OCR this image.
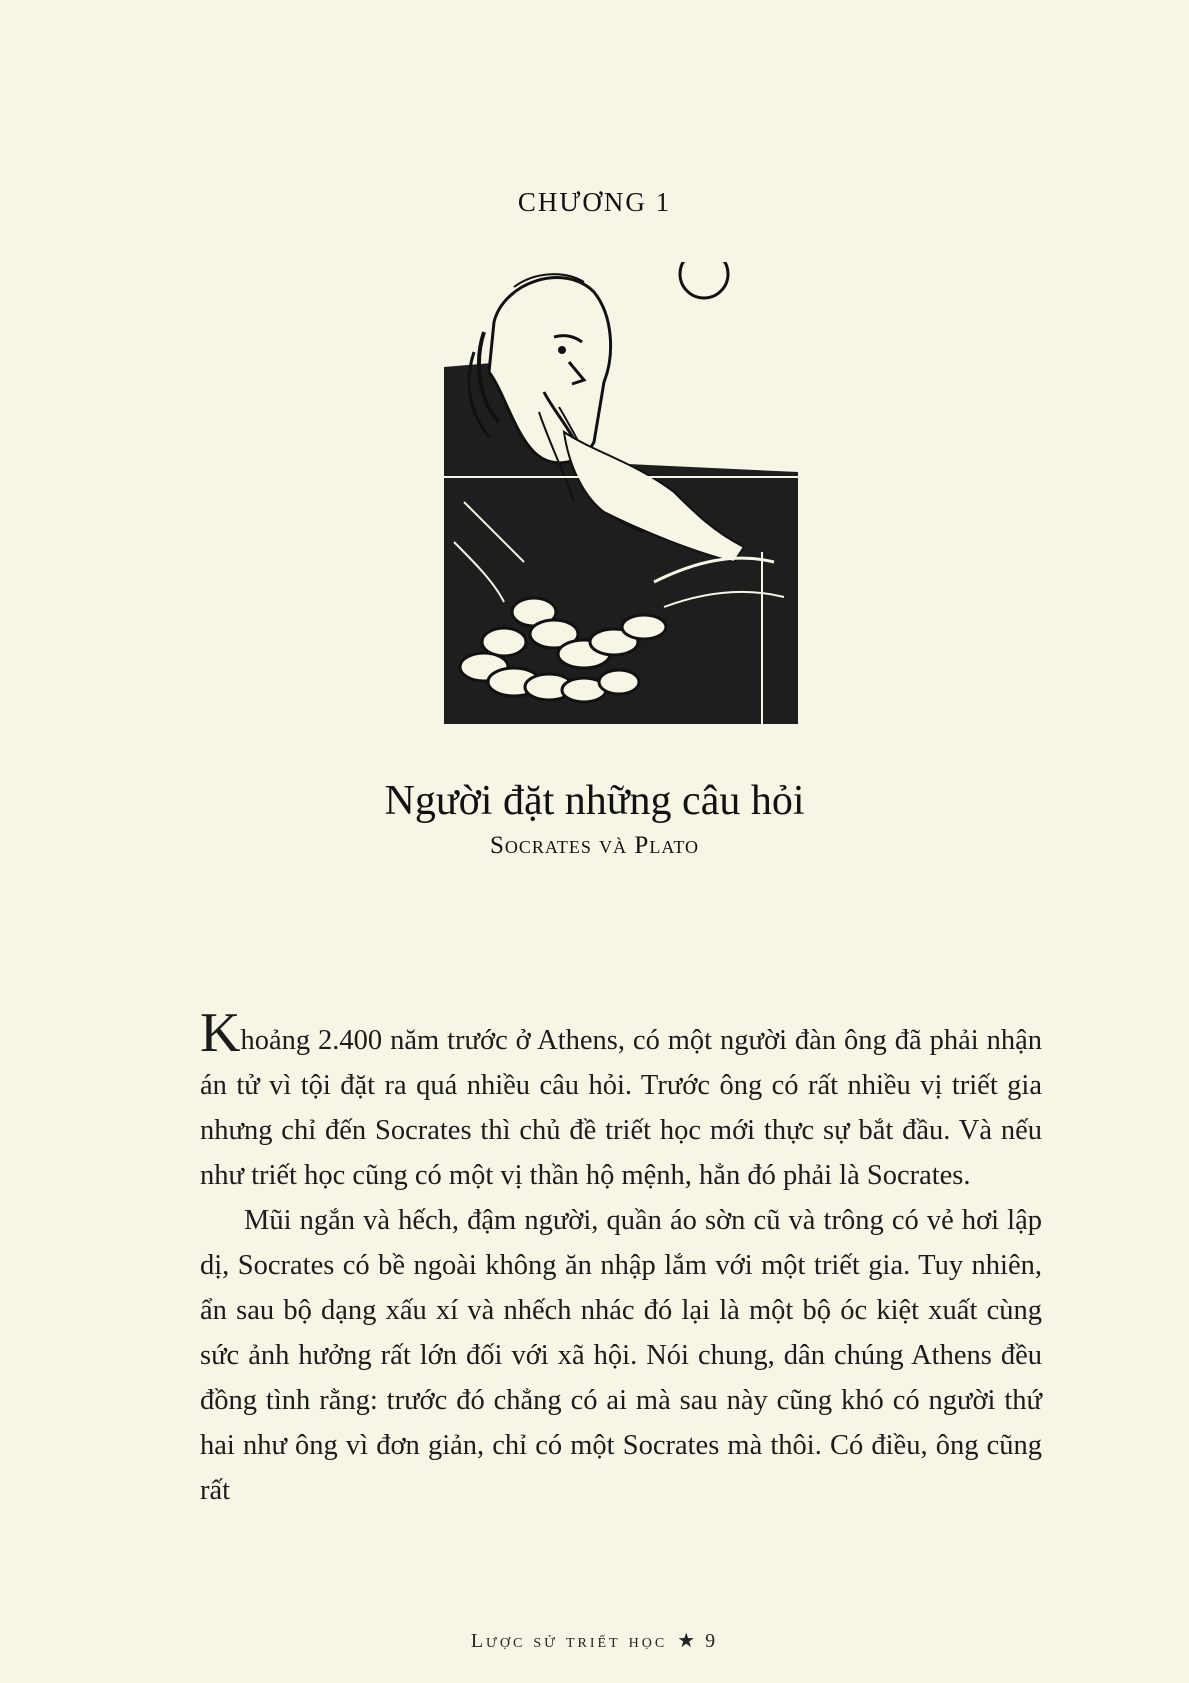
CHƯƠNG 1
Người đặt những câu hỏi
Socrates và Plato

Khoảng 2.400 năm trước ở Athens, có một người đàn ông đã phải nhận án tử vì tội đặt ra quá nhiều câu hỏi. Trước ông có rất nhiều vị triết gia nhưng chỉ đến Socrates thì chủ đề triết học mới thực sự bắt đầu. Và nếu như triết học cũng có một vị thần hộ mệnh, hẳn đó phải là Socrates.

Mũi ngắn và hếch, đậm người, quần áo sờn cũ và trông có vẻ hơi lập dị, Socrates có bề ngoài không ăn nhập lắm với một triết gia. Tuy nhiên, ẩn sau bộ dạng xấu xí và nhếch nhác đó lại là một bộ óc kiệt xuất cùng sức ảnh hưởng rất lớn đối với xã hội. Nói chung, dân chúng Athens đều đồng tình rằng: trước đó chẳng có ai mà sau này cũng khó có người thứ hai như ông vì đơn giản, chỉ có một Socrates mà thôi. Có điều, ông cũng rất

Lược sử triết học ★ 9
